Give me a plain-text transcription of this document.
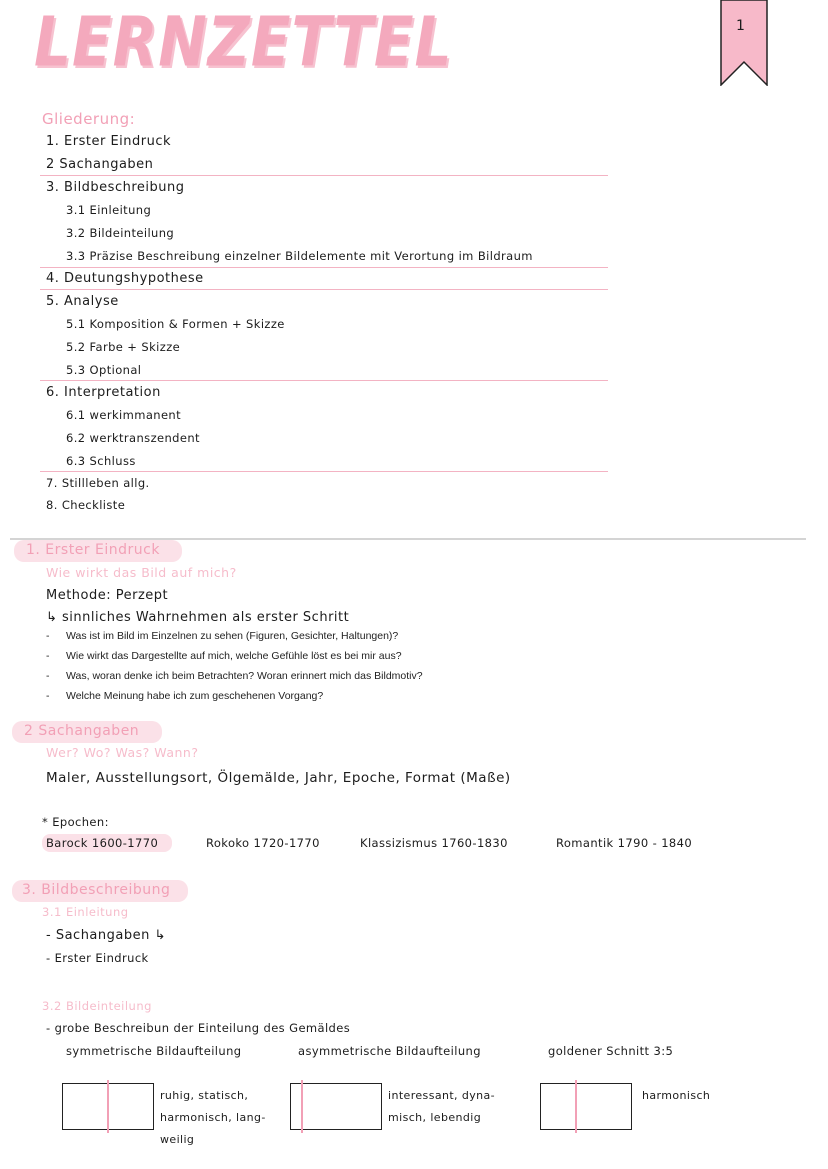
LERNZETTEL	1
Gliederung:
1. Erster Eindruck
2 Sachangaben
3. Bildbeschreibung
3.1 Einleitung
3.2 Bildeinteilung
3.3 Präzise Beschreibung einzelner Bildelemente mit Verortung im Bildraum
4. Deutungshypothese
5. Analyse
5.1 Komposition & Formen + Skizze
5.2 Farbe + Skizze
5.3 Optional
6. Interpretation
6.1 werkimmanent
6.2 werktranszendent
6.3 Schluss
7. Stillleben allg.
8. Checkliste
1. Erster Eindruck
Wie wirkt das Bild auf mich?
Methode: Perzept
↳ sinnliches Wahrnehmen als erster Schritt
- Was ist im Bild im Einzelnen zu sehen (Figuren, Gesichter, Haltungen)?
- Wie wirkt das Dargestellte auf mich, welche Gefühle löst es bei mir aus?
- Was, woran denke ich beim Betrachten? Woran erinnert mich das Bildmotiv?
- Welche Meinung habe ich zum geschehenen Vorgang?
2 Sachangaben
Wer? Wo? Was? Wann?
Maler, Ausstellungsort, Ölgemälde, Jahr, Epoche, Format (Maße)
* Epochen:
Barock 1600-1770	Rokoko 1720-1770	Klassizismus 1760-1830	Romantik 1790 - 1840
3. Bildbeschreibung
3.1 Einleitung
- Sachangaben ↳
- Erster Eindruck
3.2 Bildeinteilung
- grobe Beschreibun der Einteilung des Gemäldes
symmetrische Bildaufteilung	asymmetrische Bildaufteilung	goldener Schnitt 3:5
ruhig, statisch,
harmonisch, lang-
weilig
interessant, dyna-
misch, lebendig
harmonisch
